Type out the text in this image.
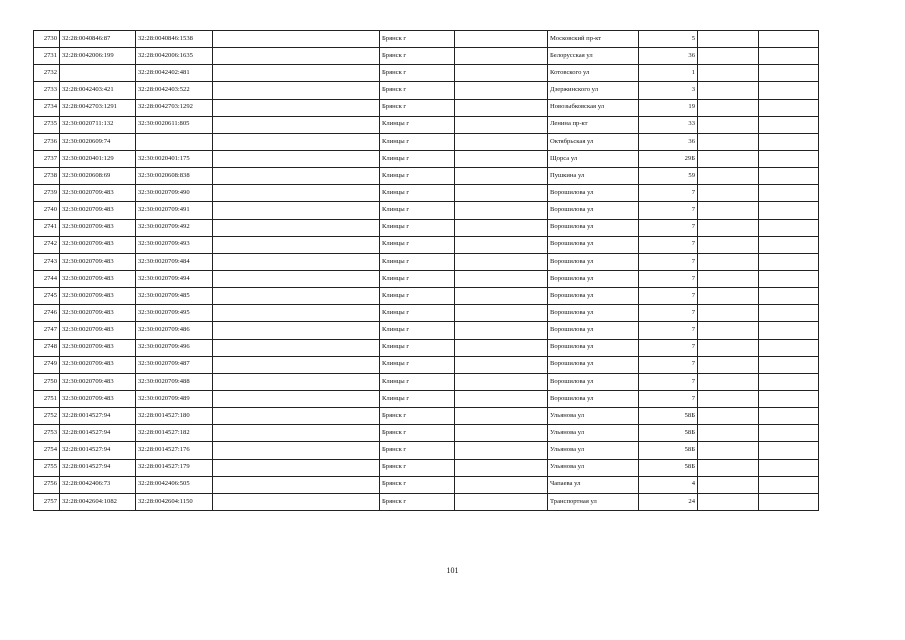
2730	32:28:0040846:87	32:28:0040846:1538		Брянск г		Московский пр-кт	5			
2731	32:28:0042006:199	32:28:0042006:1635		Брянск г		Белорусская ул	36			
2732		32:28:0042402:481		Брянск г		Котовского ул	1			
2733	32:28:0042403:421	32:28:0042403:522		Брянск г		Дзержинского ул	3			
2734	32:28:0042703:1291	32:28:0042703:1292		Брянск г		Новозыбковская ул	19			
2735	32:30:0020711:132	32:30:0020611:805		Клинцы г		Ленина пр-кт	33			
2736	32:30:0020609:74			Клинцы г		Октябрьская ул	36			
2737	32:30:0020401:129	32:30:0020401:175		Клинцы г		Щорса ул	29Б			
2738	32:30:0020608:69	32:30:0020608:838		Клинцы г		Пушкина ул	59			
2739	32:30:0020709:483	32:30:0020709:490		Клинцы г		Ворошилова ул	7			
2740	32:30:0020709:483	32:30:0020709:491		Клинцы г		Ворошилова ул	7			
2741	32:30:0020709:483	32:30:0020709:492		Клинцы г		Ворошилова ул	7			
2742	32:30:0020709:483	32:30:0020709:493		Клинцы г		Ворошилова ул	7			
2743	32:30:0020709:483	32:30:0020709:484		Клинцы г		Ворошилова ул	7			
2744	32:30:0020709:483	32:30:0020709:494		Клинцы г		Ворошилова ул	7			
2745	32:30:0020709:483	32:30:0020709:485		Клинцы г		Ворошилова ул	7			
2746	32:30:0020709:483	32:30:0020709:495		Клинцы г		Ворошилова ул	7			
2747	32:30:0020709:483	32:30:0020709:486		Клинцы г		Ворошилова ул	7			
2748	32:30:0020709:483	32:30:0020709:496		Клинцы г		Ворошилова ул	7			
2749	32:30:0020709:483	32:30:0020709:487		Клинцы г		Ворошилова ул	7			
2750	32:30:0020709:483	32:30:0020709:488		Клинцы г		Ворошилова ул	7			
2751	32:30:0020709:483	32:30:0020709:489		Клинцы г		Ворошилова ул	7			
2752	32:28:0014527:94	32:28:0014527:180		Брянск г		Ульянова ул	58Б			
2753	32:28:0014527:94	32:28:0014527:182		Брянск г		Ульянова ул	58Б			
2754	32:28:0014527:94	32:28:0014527:176		Брянск г		Ульянова ул	58Б			
2755	32:28:0014527:94	32:28:0014527:179		Брянск г		Ульянова ул	58Б			
2756	32:28:0042406:73	32:28:0042406:505		Брянск г		Чапаева ул	4			
2757	32:28:0042604:1082	32:28:0042604:1150		Брянск г		Транспортная ул	24			
101
